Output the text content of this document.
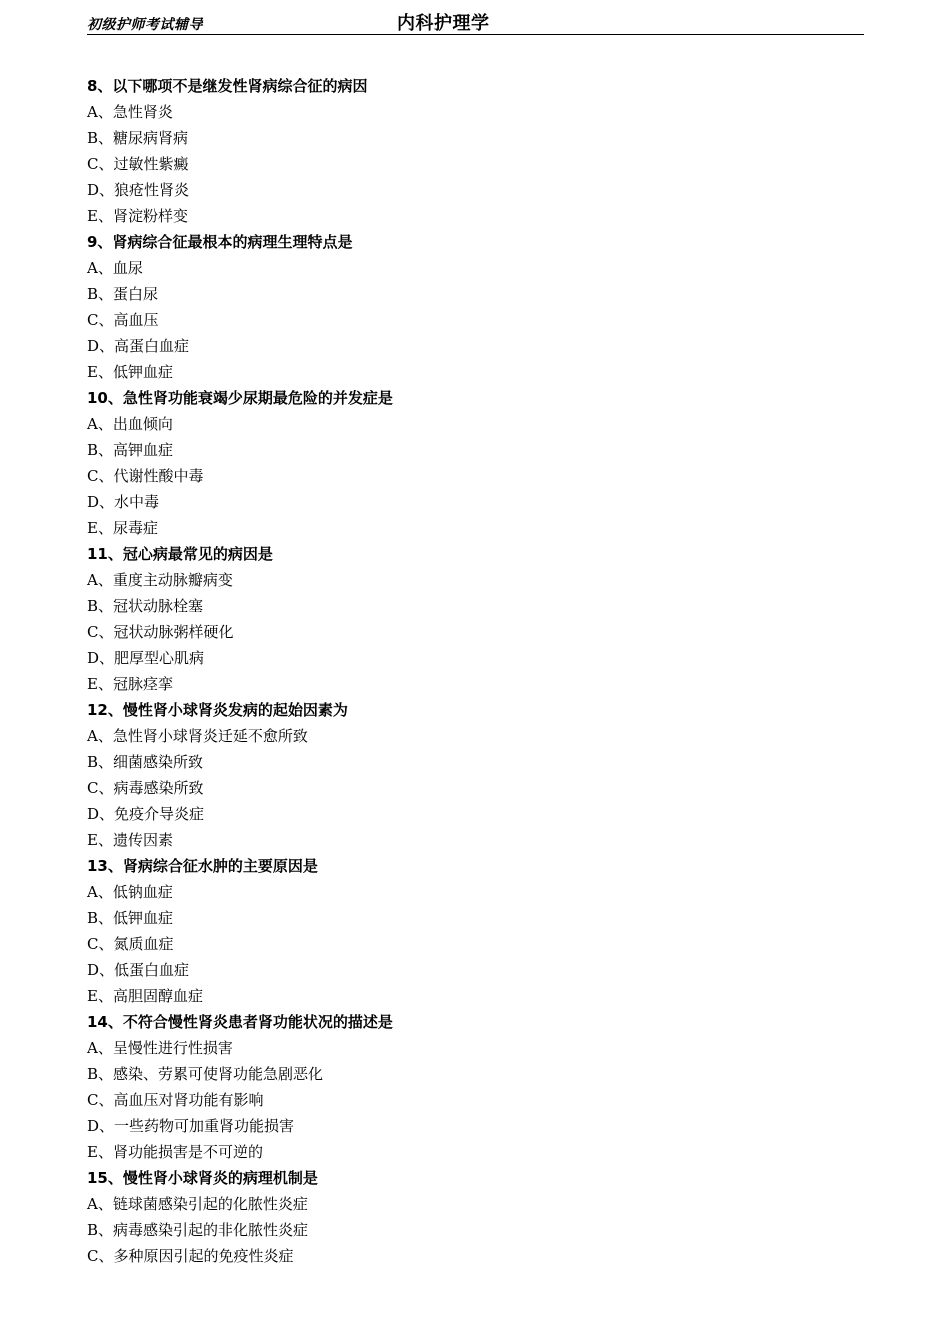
初级护师考试辅导	内科护理学
8、以下哪项不是继发性肾病综合征的病因
A、急性肾炎
B、糖尿病肾病
C、过敏性紫癜
D、狼疮性肾炎
E、肾淀粉样变
9、肾病综合征最根本的病理生理特点是
A、血尿
B、蛋白尿
C、高血压
D、高蛋白血症
E、低钾血症
10、急性肾功能衰竭少尿期最危险的并发症是
A、出血倾向
B、高钾血症
C、代谢性酸中毒
D、水中毒
E、尿毒症
11、冠心病最常见的病因是
A、重度主动脉瓣病变
B、冠状动脉栓塞
C、冠状动脉粥样硬化
D、肥厚型心肌病
E、冠脉痉挛
12、慢性肾小球肾炎发病的起始因素为
A、急性肾小球肾炎迁延不愈所致
B、细菌感染所致
C、病毒感染所致
D、免疫介导炎症
E、遗传因素
13、肾病综合征水肿的主要原因是
A、低钠血症
B、低钾血症
C、氮质血症
D、低蛋白血症
E、高胆固醇血症
14、不符合慢性肾炎患者肾功能状况的描述是
A、呈慢性进行性损害
B、感染、劳累可使肾功能急剧恶化
C、高血压对肾功能有影响
D、一些药物可加重肾功能损害
E、肾功能损害是不可逆的
15、慢性肾小球肾炎的病理机制是
A、链球菌感染引起的化脓性炎症
B、病毒感染引起的非化脓性炎症
C、多种原因引起的免疫性炎症
